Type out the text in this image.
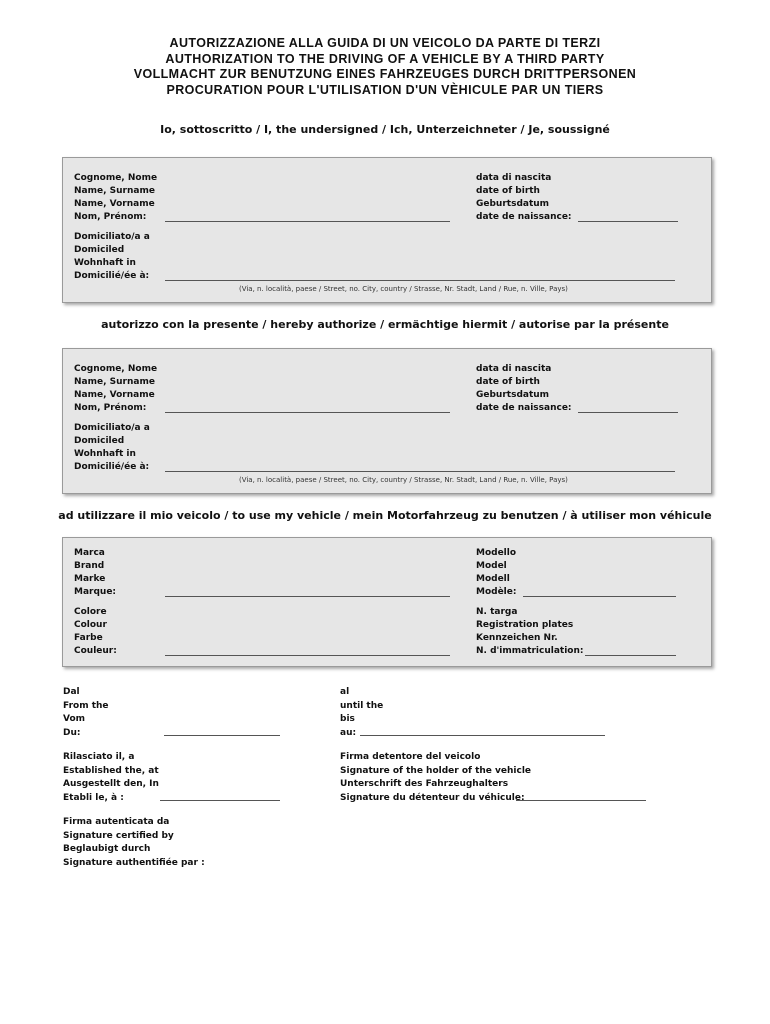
AUTORIZZAZIONE ALLA GUIDA DI UN VEICOLO DA PARTE DI TERZI
AUTHORIZATION TO THE DRIVING OF A VEHICLE BY A THIRD PARTY
VOLLMACHT ZUR BENUTZUNG EINES FAHRZEUGES DURCH DRITTPERSONEN
PROCURATION POUR L'UTILISATION D'UN VÈHICULE PAR UN TIERS
Io, sottoscritto / I, the undersigned / Ich, Unterzeichneter / Je, soussigné
Cognome, Nome
Name, Surname
Name, Vorname
Nom, Prénom:
data di nascita
date of birth
Geburtsdatum
date de naissance:
Domiciliato/a a
Domiciled
Wohnhaft in
Domicilié/ée à:
(Via, n. località, paese / Street, no. City, country / Strasse, Nr. Stadt, Land / Rue, n. Ville, Pays)
autorizzo con la presente / hereby authorize / ermächtige hiermit / autorise par la présente
Cognome, Nome
Name, Surname
Name, Vorname
Nom, Prénom:
data di nascita
date of birth
Geburtsdatum
date de naissance:
Domiciliato/a a
Domiciled
Wohnhaft in
Domicilié/ée à:
(Via, n. località, paese / Street, no. City, country / Strasse, Nr. Stadt, Land / Rue, n. Ville, Pays)
ad utilizzare il mio veicolo / to use my vehicle / mein Motorfahrzeug zu benutzen / à utiliser mon véhicule
Marca
Brand
Marke
Marque:
Modello
Model
Modell
Modèle:
Colore
Colour
Farbe
Couleur:
N. targa
Registration plates
Kennzeichen Nr.
N. d'immatriculation:
Dal
From the
Vom
Du:
al
until the
bis
au:
Rilasciato il, a
Established the, at
Ausgestellt den, In
Etabli le, à :
Firma detentore del veicolo
Signature of the holder of the vehicle
Unterschrift des Fahrzeughalters
Signature du détenteur du véhicule:
Firma autenticata da
Signature certified by
Beglaubigt durch
Signature authentifiée par :
